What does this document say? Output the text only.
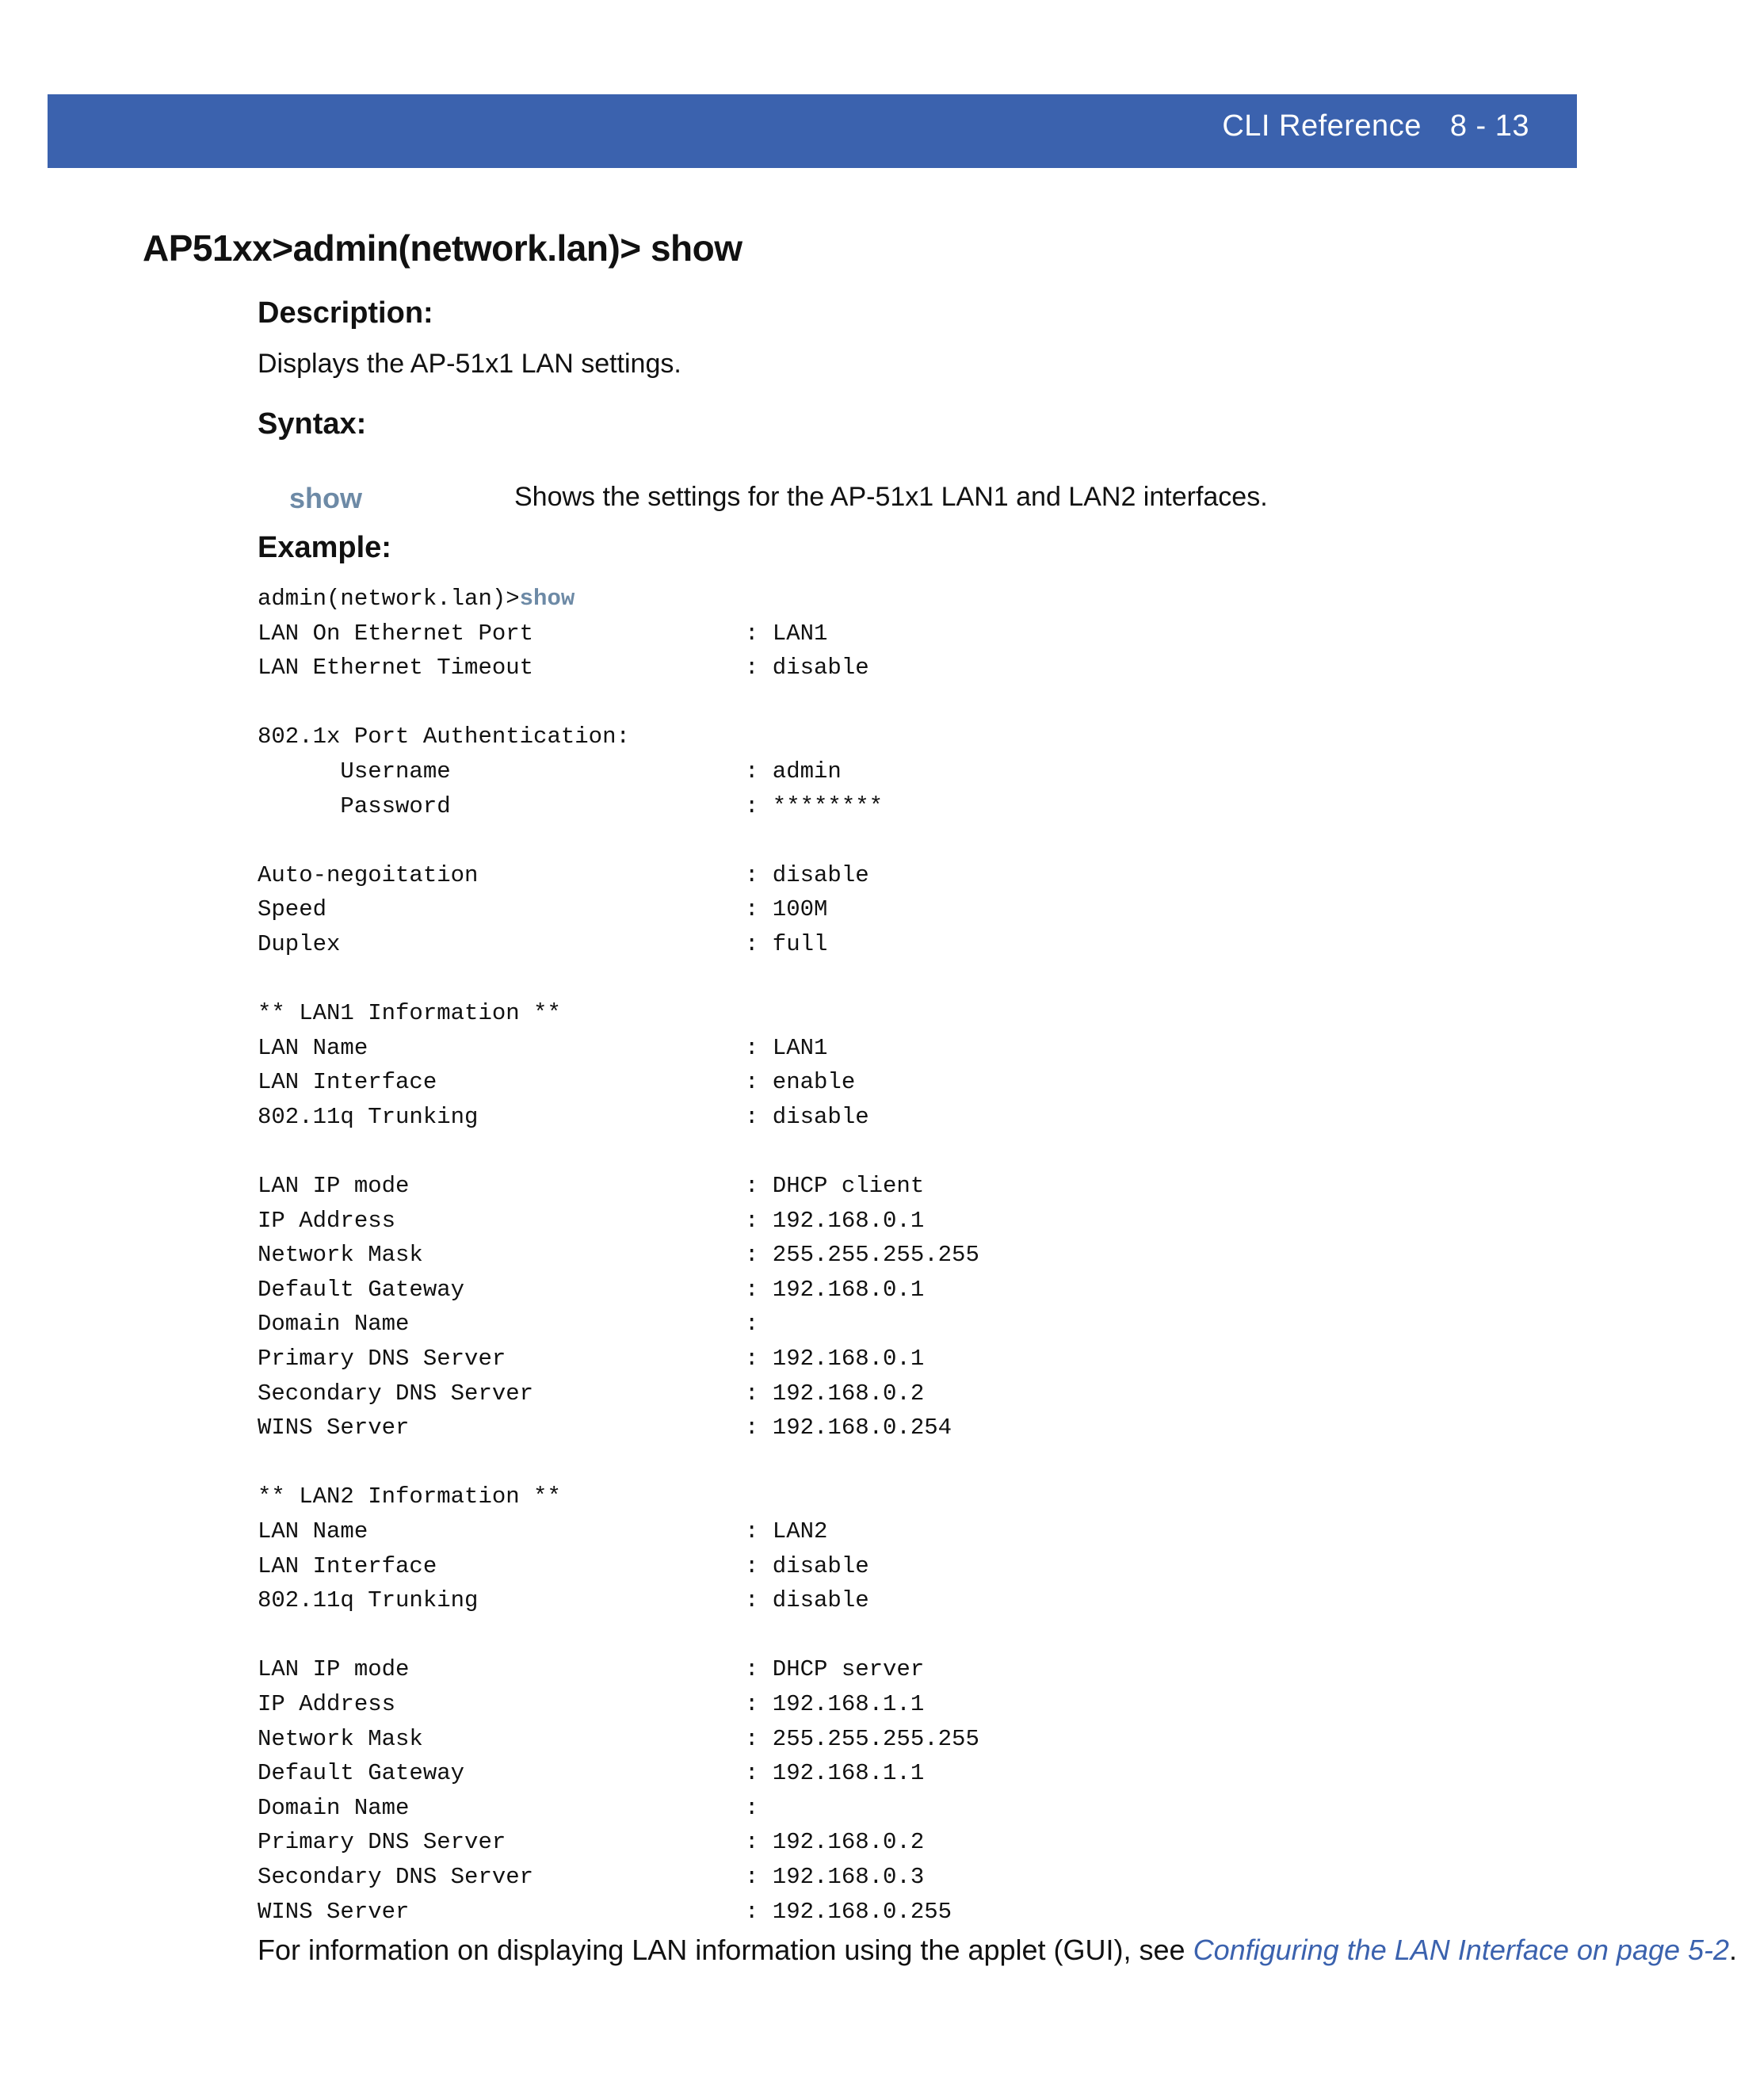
CLI Reference 8 - 13
AP51xx>admin(network.lan)> show
Description:
Displays the AP-51x1 LAN settings.
Syntax:
show	Shows the settings for the AP-51x1 LAN1 and LAN2 interfaces.
Example:
admin(network.lan)>show
LAN On Ethernet Port	: LAN1
LAN Ethernet Timeout	: disable
802.1x Port Authentication:
Username	: admin
Password	: ********
Auto-negoitation	: disable
Speed	: 100M
Duplex	: full
** LAN1 Information **
LAN Name	: LAN1
LAN Interface	: enable
802.11q Trunking	: disable
LAN IP mode	: DHCP client
IP Address	: 192.168.0.1
Network Mask	: 255.255.255.255
Default Gateway	: 192.168.0.1
Domain Name	:
Primary DNS Server	: 192.168.0.1
Secondary DNS Server	: 192.168.0.2
WINS Server	: 192.168.0.254
** LAN2 Information **
LAN Name	: LAN2
LAN Interface	: disable
802.11q Trunking	: disable
LAN IP mode	: DHCP server
IP Address	: 192.168.1.1
Network Mask	: 255.255.255.255
Default Gateway	: 192.168.1.1
Domain Name	:
Primary DNS Server	: 192.168.0.2
Secondary DNS Server	: 192.168.0.3
WINS Server	: 192.168.0.255
For information on displaying LAN information using the applet (GUI), see Configuring the LAN Interface on page 5-2.
